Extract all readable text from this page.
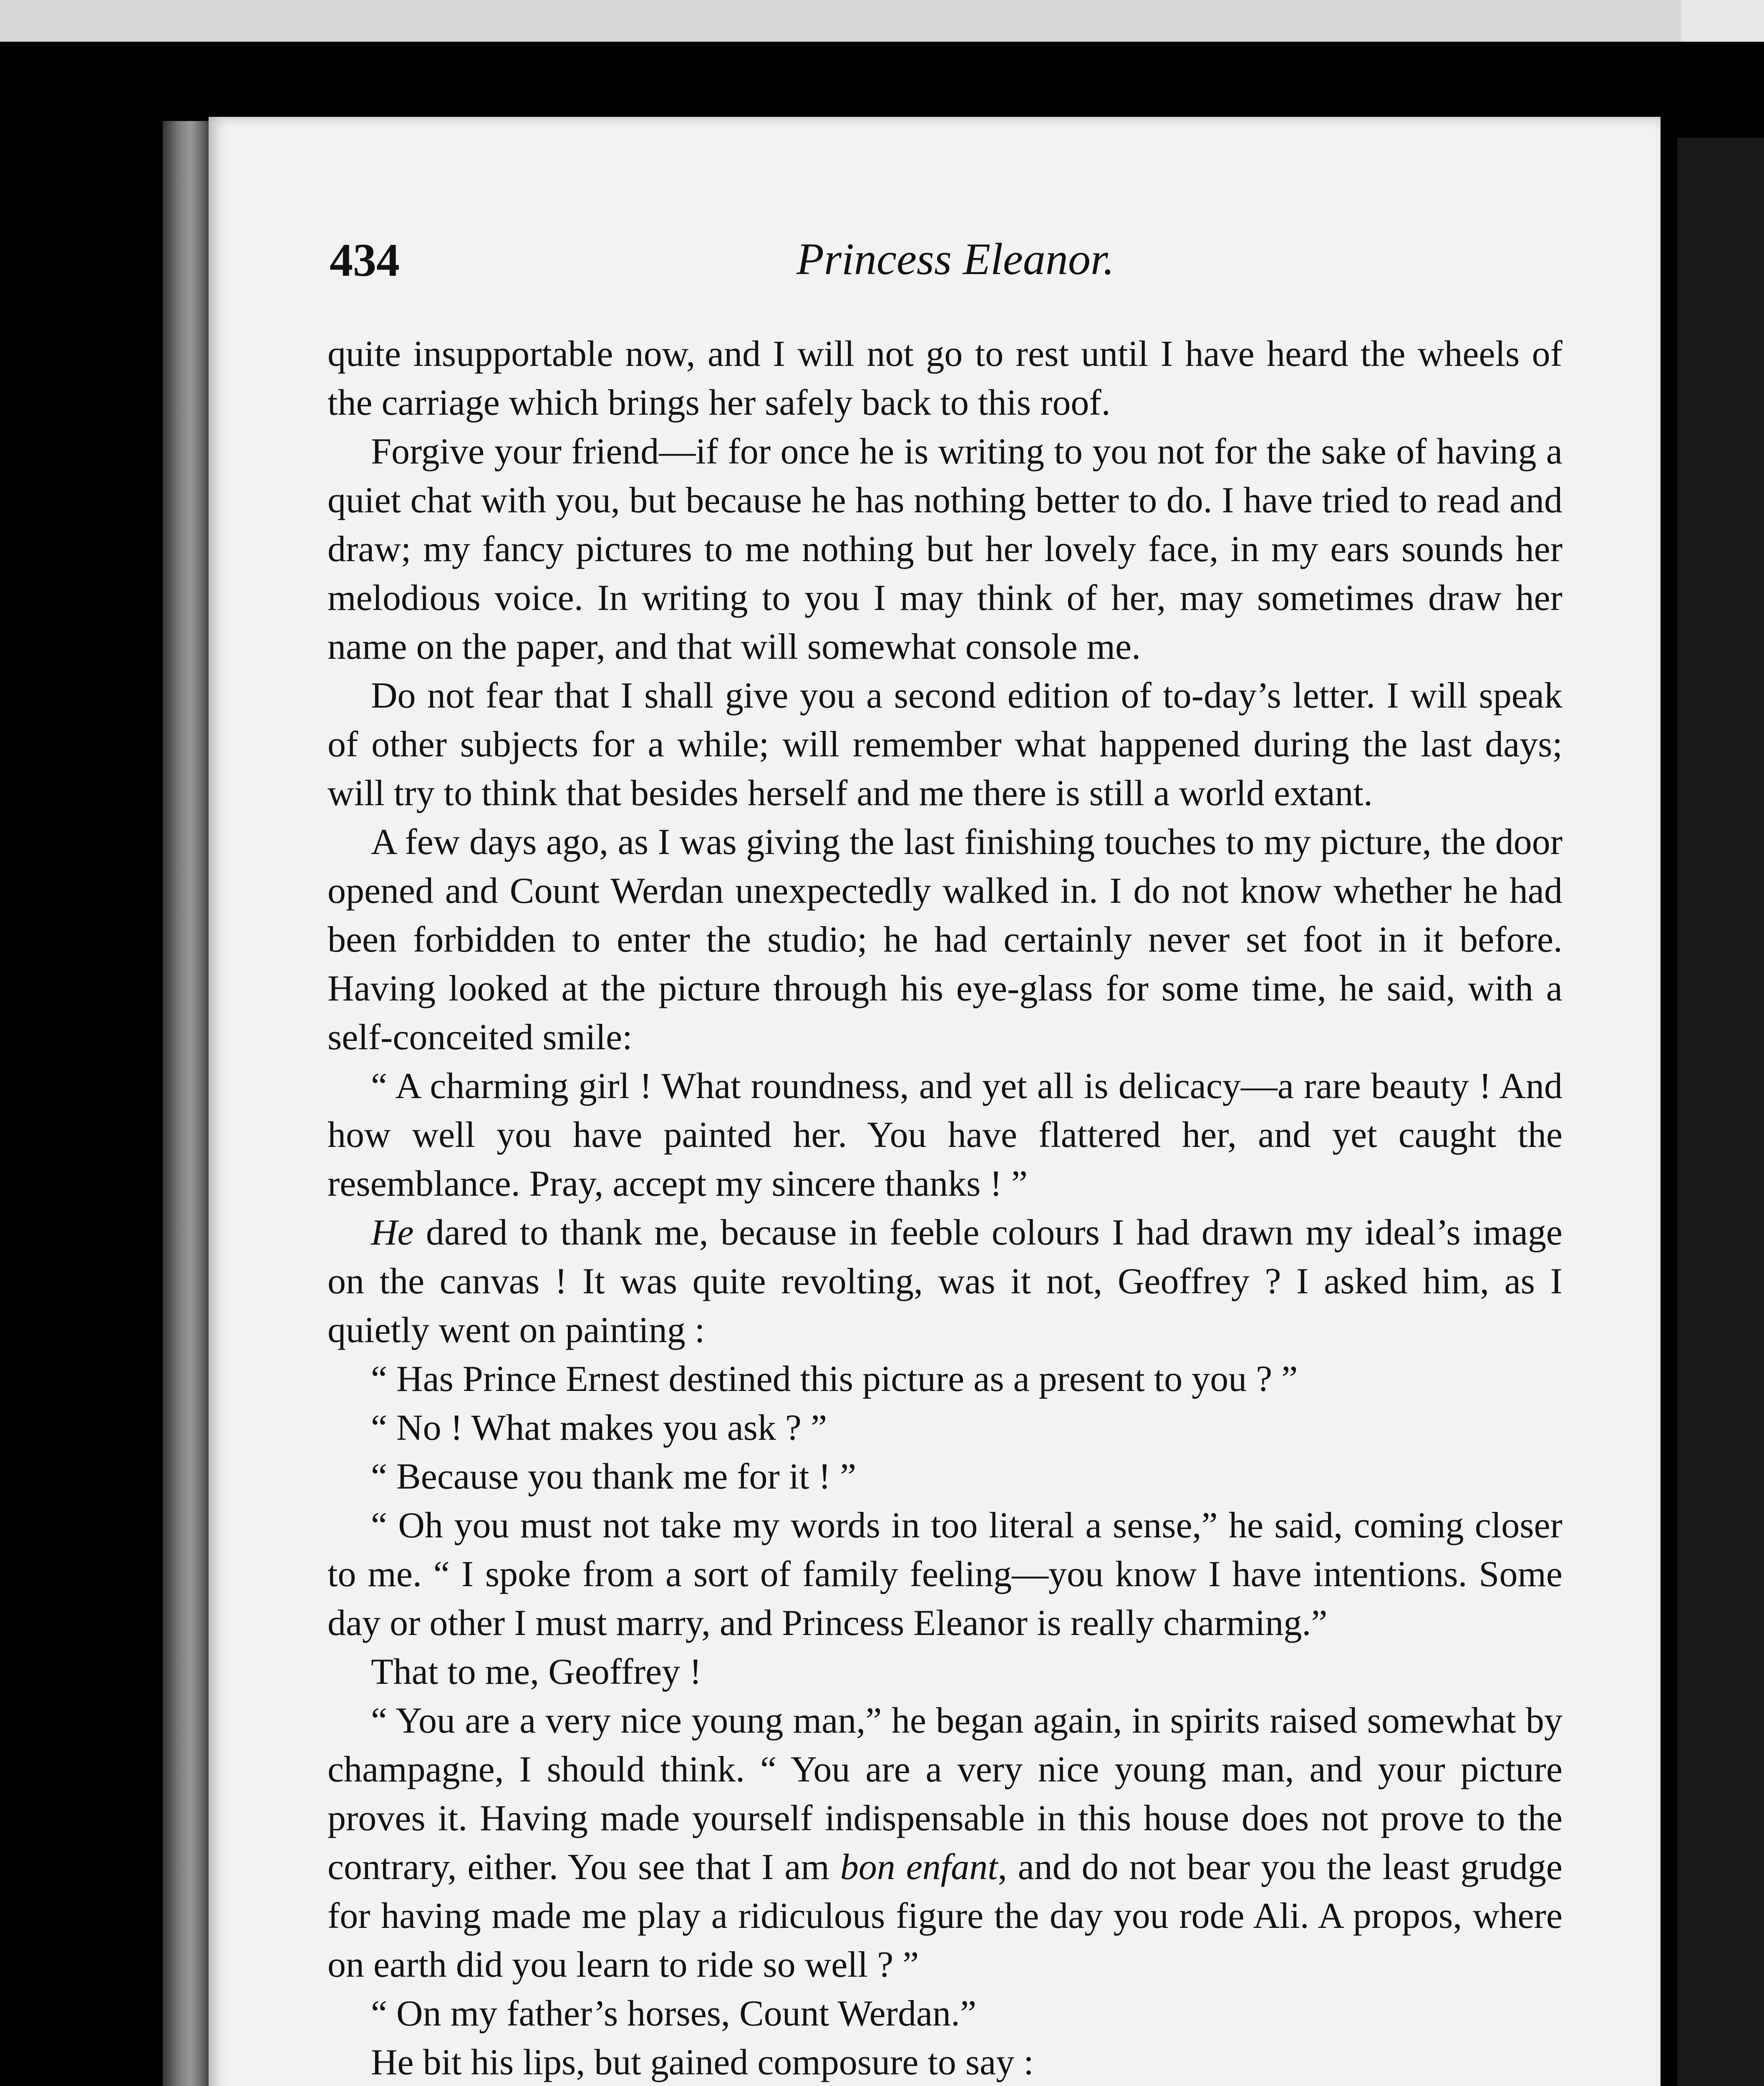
434	Princess Eleanor.

quite insupportable now, and I will not go to rest until I have heard the wheels of the carriage which brings her safely back to this roof.

Forgive your friend—if for once he is writing to you not for the sake of having a quiet chat with you, but because he has nothing better to do. I have tried to read and draw; my fancy pictures to me nothing but her lovely face, in my ears sounds her melodious voice. In writing to you I may think of her, may sometimes draw her name on the paper, and that will somewhat console me.

Do not fear that I shall give you a second edition of to-day’s letter. I will speak of other subjects for a while; will remember what happened during the last days; will try to think that besides herself and me there is still a world extant.

A few days ago, as I was giving the last finishing touches to my picture, the door opened and Count Werdan unexpectedly walked in. I do not know whether he had been forbidden to enter the studio; he had certainly never set foot in it before. Having looked at the picture through his eye-glass for some time, he said, with a self-conceited smile:

“ A charming girl ! What roundness, and yet all is delicacy—a rare beauty ! And how well you have painted her. You have flattered her, and yet caught the resemblance. Pray, accept my sincere thanks ! ”

He dared to thank me, because in feeble colours I had drawn my ideal’s image on the canvas ! It was quite revolting, was it not, Geoffrey ? I asked him, as I quietly went on painting :

“ Has Prince Ernest destined this picture as a present to you ? ”

“ No ! What makes you ask ? ”

“ Because you thank me for it ! ”

“ Oh you must not take my words in too literal a sense,” he said, coming closer to me. “ I spoke from a sort of family feeling—you know I have intentions. Some day or other I must marry, and Princess Eleanor is really charming.”

That to me, Geoffrey !

“ You are a very nice young man,” he began again, in spirits raised somewhat by champagne, I should think. “ You are a very nice young man, and your picture proves it. Having made yourself indispensable in this house does not prove to the contrary, either. You see that I am bon enfant, and do not bear you the least grudge for having made me play a ridiculous figure the day you rode Ali. A propos, where on earth did you learn to ride so well ? ”

“ On my father’s horses, Count Werdan.”

He bit his lips, but gained composure to say :
